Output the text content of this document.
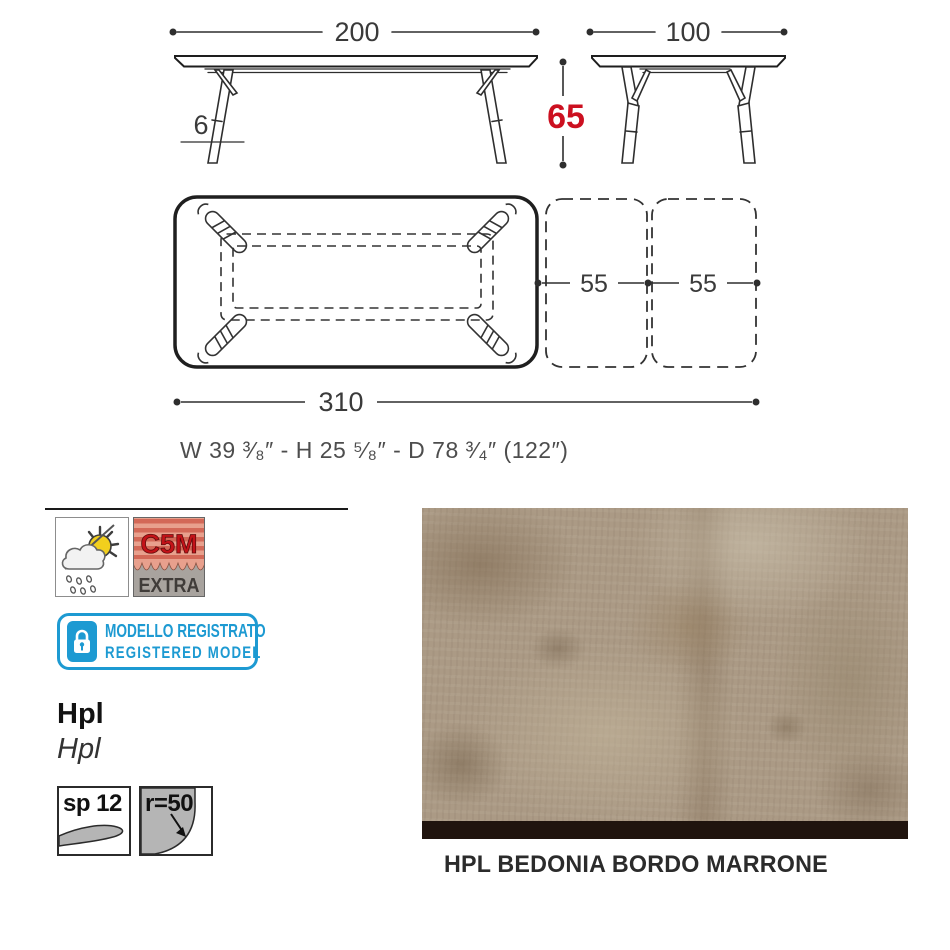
200
6	65
100
55	55
310
W 39 ³⁄₈″ - H 25 ⁵⁄₈″ - D 78 ³⁄₄″ (122″)
C5M
EXTRA
MODELLO REGISTRATO
REGISTERED MODEL
Hpl
Hpl
sp 12 r=50
HPL BEDONIA BORDO MARRONE
